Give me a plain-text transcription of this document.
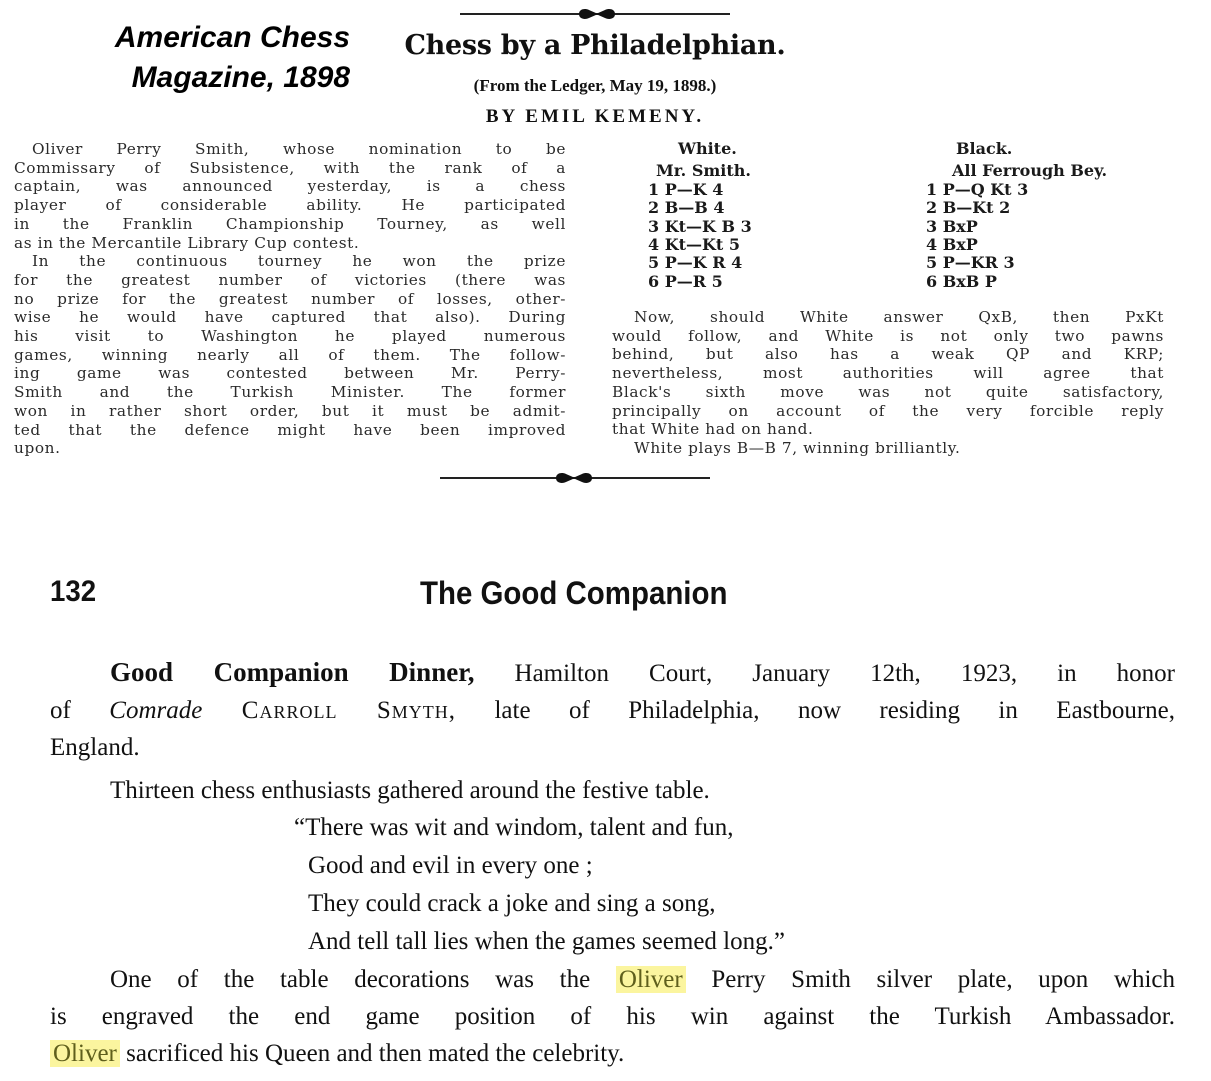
American Chess
Magazine, 1898
Chess by a Philadelphian.
(From the Ledger, May 19, 1898.)
BY EMIL KEMENY.
Oliver Perry Smith, whose nomination to be
Commissary of Subsistence, with the rank of a
captain, was announced yesterday, is a chess
player of considerable ability. He participated
in the Franklin Championship Tourney, as well
as in the Mercantile Library Cup contest.
In the continuous tourney he won the prize
for the greatest number of victories (there was
no prize for the greatest number of losses, other-
wise he would have captured that also). During
his visit to Washington he played numerous
games, winning nearly all of them. The follow-
ing game was contested between Mr. Perry-
Smith and the Turkish Minister. The former
won in rather short order, but it must be admit-
ted that the defence might have been improved
upon.
White.
Mr. Smith.
1 P—K 4
2 B—B 4
3 Kt—K B 3
4 Kt—Kt 5
5 P—K R 4
6 P—R 5
Black.
All Ferrough Bey.
1 P—Q Kt 3
2 B—Kt 2
3 BxP
4 BxP
5 P—KR 3
6 BxB P
Now, should White answer QxB, then PxKt
would follow, and White is not only two pawns
behind, but also has a weak QP and KRP;
nevertheless, most authorities will agree that
Black's sixth move was not quite satisfactory,
principally on account of the very forcible reply
that White had on hand.
White plays B—B 7, winning brilliantly.
132	The Good Companion
Good Companion Dinner, Hamilton Court, January 12th, 1923, in honor
of Comrade Carroll Smyth, late of Philadelphia, now residing in Eastbourne,
England.
Thirteen chess enthusiasts gathered around the festive table.
“There was wit and windom, talent and fun,
Good and evil in every one ;
They could crack a joke and sing a song,
And tell tall lies when the games seemed long.”
One of the table decorations was the Oliver Perry Smith silver plate, upon which
is engraved the end game position of his win against the Turkish Ambassador.
Oliver sacrificed his Queen and then mated the celebrity.
